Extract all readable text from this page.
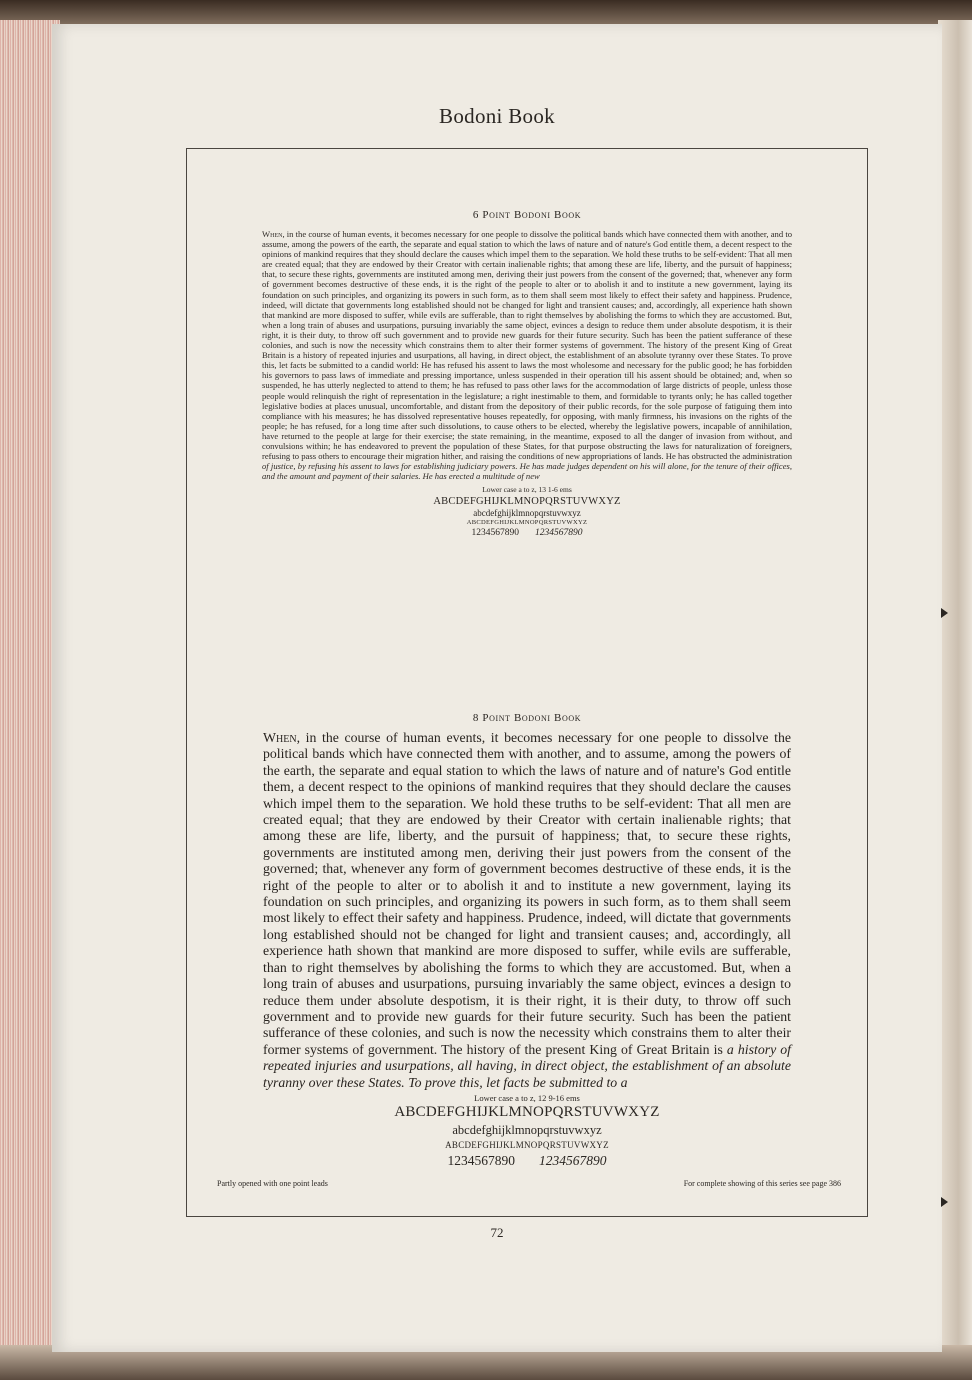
Bodoni Book
6 Point Bodoni Book
When, in the course of human events, it becomes necessary for one people to dissolve the political bands which have connected them with another, and to assume, among the powers of the earth, the separate and equal station to which the laws of nature and of nature's God entitle them, a decent respect to the opinions of mankind requires that they should declare the causes which impel them to the separation. We hold these truths to be self-evident: That all men are created equal; that they are endowed by their Creator with certain inalienable rights; that among these are life, liberty, and the pursuit of happiness; that, to secure these rights, governments are instituted among men, deriving their just powers from the consent of the governed; that, whenever any form of government becomes destructive of these ends, it is the right of the people to alter or to abolish it and to institute a new government, laying its foundation on such principles, and organizing its powers in such form, as to them shall seem most likely to effect their safety and happiness. Prudence, indeed, will dictate that governments long established should not be changed for light and transient causes; and, accordingly, all experience hath shown that mankind are more disposed to suffer, while evils are sufferable, than to right themselves by abolishing the forms to which they are accustomed. But, when a long train of abuses and usurpations, pursuing invariably the same object, evinces a design to reduce them under absolute despotism, it is their right, it is their duty, to throw off such government and to provide new guards for their future security. Such has been the patient sufferance of these colonies, and such is now the necessity which constrains them to alter their former systems of government. The history of the present King of Great Britain is a history of repeated injuries and usurpations, all having, in direct object, the establishment of an absolute tyranny over these States. To prove this, let facts be submitted to a candid world: He has refused his assent to laws the most wholesome and necessary for the public good; he has forbidden his governors to pass laws of immediate and pressing importance, unless suspended in their operation till his assent should be obtained; and, when so suspended, he has utterly neglected to attend to them; he has refused to pass other laws for the accommodation of large districts of people, unless those people would relinquish the right of representation in the legislature; a right inestimable to them, and formidable to tyrants only; he has called together legislative bodies at places unusual, uncomfortable, and distant from the depository of their public records, for the sole purpose of fatiguing them into compliance with his measures; he has dissolved representative houses repeatedly, for opposing, with manly firmness, his invasions on the rights of the people; he has refused, for a long time after such dissolutions, to cause others to be elected, whereby the legislative powers, incapable of annihilation, have returned to the people at large for their exercise; the state remaining, in the meantime, exposed to all the danger of invasion from without, and convulsions within; he has endeavored to prevent the population of these States, for that purpose obstructing the laws for naturalization of foreigners, refusing to pass others to encourage their migration hither, and raising the conditions of new appropriations of lands. He has obstructed the administration of justice, by refusing his assent to laws for establishing judiciary powers. He has made judges dependent on his will alone, for the tenure of their offices, and the amount and payment of their salaries. He has erected a multitude of new
Lower case a to z, 13 1-6 ems
ABCDEFGHIJKLMNOPQRSTUVWXYZ
abcdefghijklmnopqrstuvwxyz
ABCDEFGHIJKLMNOPQRSTUVWXYZ
1234567890 1234567890
8 Point Bodoni Book
When, in the course of human events, it becomes necessary for one people to dissolve the political bands which have connected them with another, and to assume, among the powers of the earth, the separate and equal station to which the laws of nature and of nature's God entitle them, a decent respect to the opinions of mankind requires that they should declare the causes which impel them to the separation. We hold these truths to be self-evident: That all men are created equal; that they are endowed by their Creator with certain inalienable rights; that among these are life, liberty, and the pursuit of happiness; that, to secure these rights, governments are instituted among men, deriving their just powers from the consent of the governed; that, whenever any form of government becomes destructive of these ends, it is the right of the people to alter or to abolish it and to institute a new government, laying its foundation on such principles, and organizing its powers in such form, as to them shall seem most likely to effect their safety and happiness. Prudence, indeed, will dictate that governments long established should not be changed for light and transient causes; and, accordingly, all experience hath shown that mankind are more disposed to suffer, while evils are sufferable, than to right themselves by abolishing the forms to which they are accustomed. But, when a long train of abuses and usurpations, pursuing invariably the same object, evinces a design to reduce them under absolute despotism, it is their right, it is their duty, to throw off such government and to provide new guards for their future security. Such has been the patient sufferance of these colonies, and such is now the necessity which constrains them to alter their former systems of government. The history of the present King of Great Britain is a history of repeated injuries and usurpations, all having, in direct object, the establishment of an absolute tyranny over these States. To prove this, let facts be submitted to a
Lower case a to z, 12 9-16 ems
ABCDEFGHIJKLMNOPQRSTUVWXYZ
abcdefghijklmnopqrstuvwxyz
ABCDEFGHIJKLMNOPQRSTUVWXYZ
1234567890 1234567890
Partly opened with one point leads	For complete showing of this series see page 386
72
